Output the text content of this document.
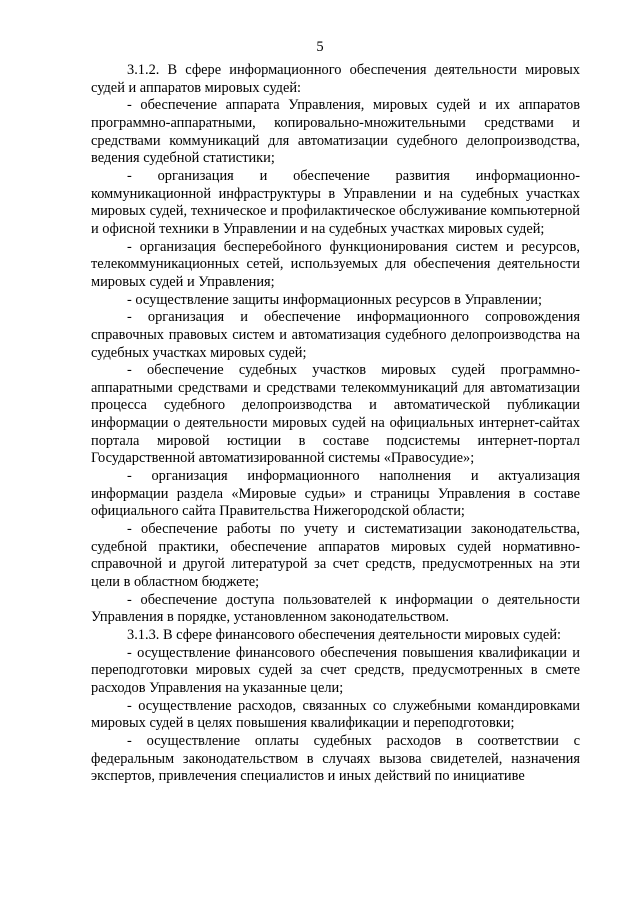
5

3.1.2. В сфере информационного обеспечения деятельности мировых судей и аппаратов мировых судей:

- обеспечение аппарата Управления, мировых судей и их аппаратов программно-аппаратными, копировально-множительными средствами и средствами коммуникаций для автоматизации судебного делопроизводства, ведения судебной статистики;

- организация и обеспечение развития информационно-коммуникационной инфраструктуры в Управлении и на судебных участках мировых судей, техническое и профилактическое обслуживание компьютерной и офисной техники в Управлении и на судебных участках мировых судей;

- организация бесперебойного функционирования систем и ресурсов, телекоммуникационных сетей, используемых для обеспечения деятельности мировых судей и Управления;

- осуществление защиты информационных ресурсов в Управлении;

- организация и обеспечение информационного сопровождения справочных правовых систем и автоматизация судебного делопроизводства на судебных участках мировых судей;

- обеспечение судебных участков мировых судей программно-аппаратными средствами и средствами телекоммуникаций для автоматизации процесса судебного делопроизводства и автоматической публикации информации о деятельности мировых судей на официальных интернет-сайтах портала мировой юстиции в составе подсистемы интернет-портал Государственной автоматизированной системы «Правосудие»;

- организация информационного наполнения и актуализация информации раздела «Мировые судьи» и страницы Управления в составе официального сайта Правительства Нижегородской области;

- обеспечение работы по учету и систематизации законодательства, судебной практики, обеспечение аппаратов мировых судей нормативно-справочной и другой литературой за счет средств, предусмотренных на эти цели в областном бюджете;

- обеспечение доступа пользователей к информации о деятельности Управления в порядке, установленном законодательством.

3.1.3. В сфере финансового обеспечения деятельности мировых судей:

- осуществление финансового обеспечения повышения квалификации и переподготовки мировых судей за счет средств, предусмотренных в смете расходов Управления на указанные цели;

- осуществление расходов, связанных со служебными командировками мировых судей в целях повышения квалификации и переподготовки;

- осуществление оплаты судебных расходов в соответствии с федеральным законодательством в случаях вызова свидетелей, назначения экспертов, привлечения специалистов и иных действий по инициативе
